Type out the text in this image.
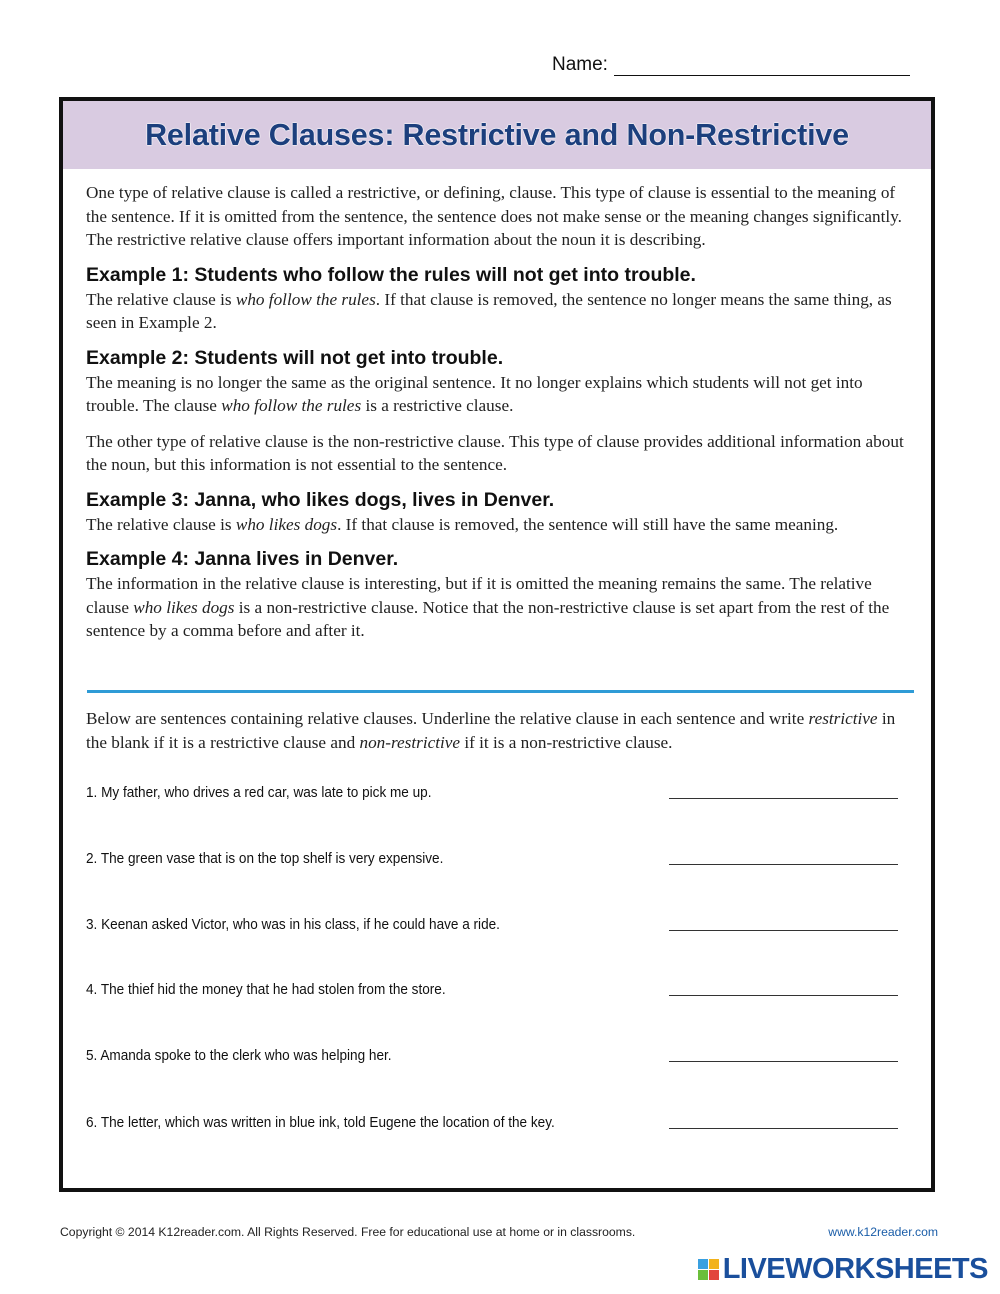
Name:
Relative Clauses: Restrictive and Non-Restrictive

One type of relative clause is called a restrictive, or defining, clause. This type of clause is essential to the meaning of the sentence. If it is omitted from the sentence, the sentence does not make sense or the meaning changes significantly. The restrictive relative clause offers important information about the noun it is describing.

Example 1: Students who follow the rules will not get into trouble.

The relative clause is who follow the rules. If that clause is removed, the sentence no longer means the same thing, as seen in Example 2.

Example 2: Students will not get into trouble.

The meaning is no longer the same as the original sentence. It no longer explains which students will not get into trouble. The clause who follow the rules is a restrictive clause.

The other type of relative clause is the non-restrictive clause. This type of clause provides additional information about the noun, but this information is not essential to the sentence.

Example 3: Janna, who likes dogs, lives in Denver.

The relative clause is who likes dogs. If that clause is removed, the sentence will still have the same meaning.

Example 4: Janna lives in Denver.

The information in the relative clause is interesting, but if it is omitted the meaning remains the same. The relative clause who likes dogs is a non-restrictive clause. Notice that the non-restrictive clause is set apart from the rest of the sentence by a comma before and after it.

Below are sentences containing relative clauses. Underline the relative clause in each sentence and write restrictive in the blank if it is a restrictive clause and non-restrictive if it is a non-restrictive clause.

1. My father, who drives a red car, was late to pick me up.
2. The green vase that is on the top shelf is very expensive.
3. Keenan asked Victor, who was in his class, if he could have a ride.
4. The thief hid the money that he had stolen from the store.
5. Amanda spoke to the clerk who was helping her.
6. The letter, which was written in blue ink, told Eugene the location of the key.
Copyright © 2014 K12reader.com. All Rights Reserved. Free for educational use at home or in classrooms.	www.k12reader.com
LIVEWORKSHEETS
